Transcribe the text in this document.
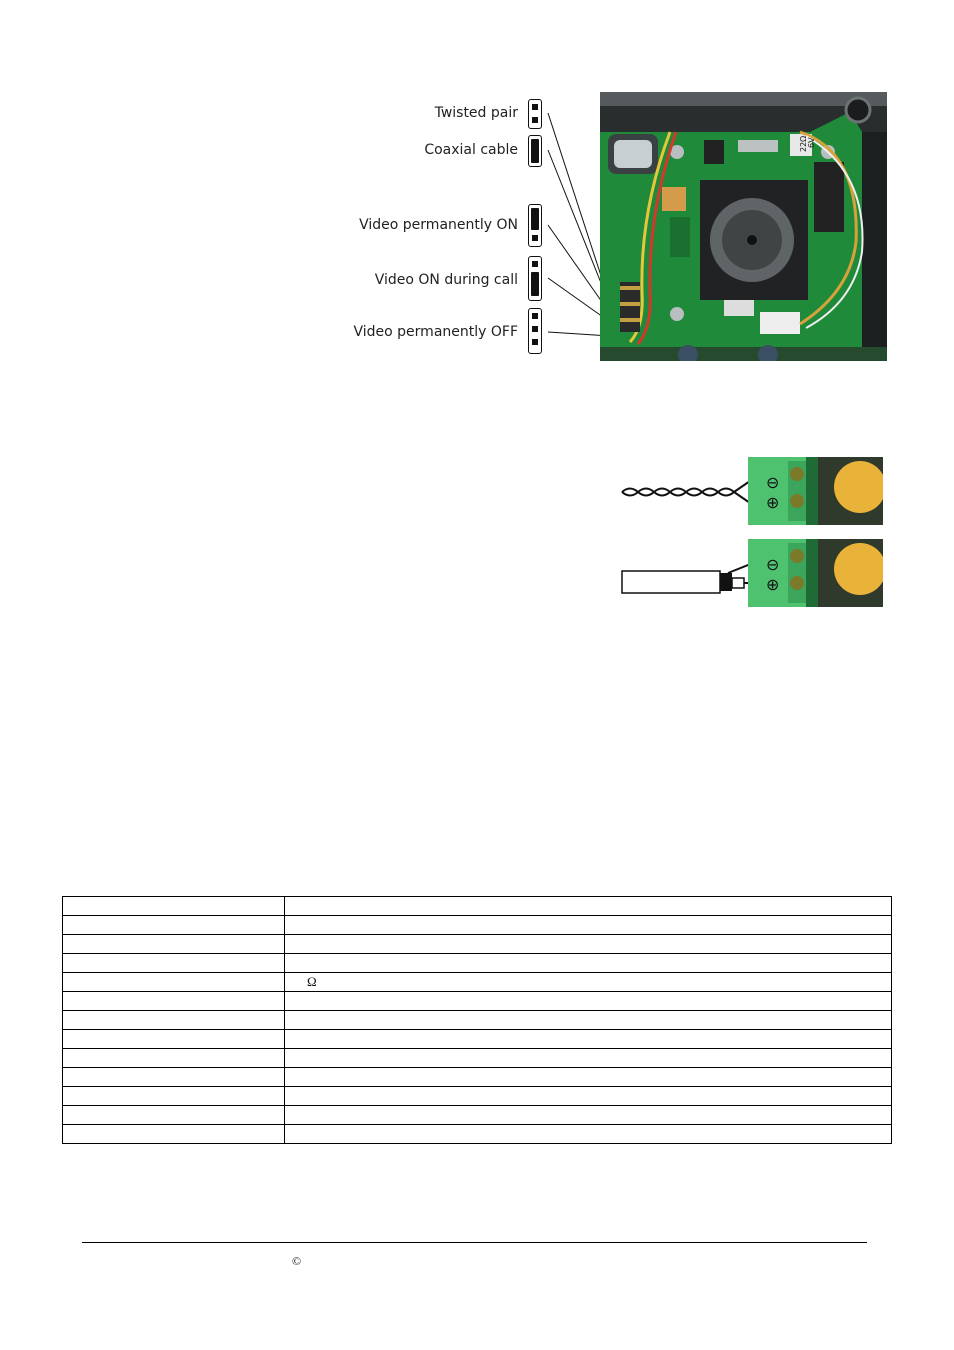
Twisted pair
Coaxial cable
Video permanently ON
Video ON during call
Video permanently OFF
22Ω 6V
⊖
⊕
⊖
⊕

	Ω

©
